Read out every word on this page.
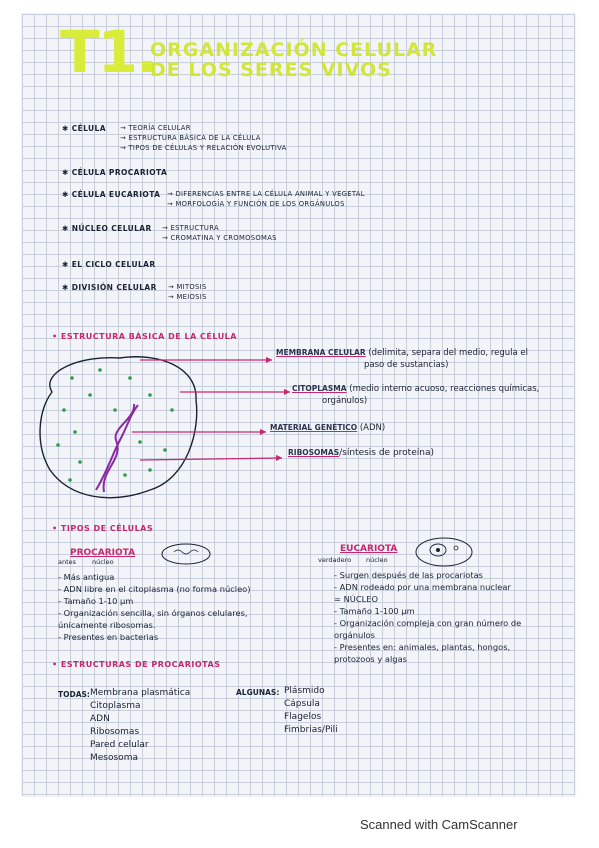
T1.
ORGANIZACIÓN CELULAR
DE LOS SERES VIVOS
✱ CÉLULA → TEORÍA CELULAR
→ ESTRUCTURA BÁSICA DE LA CÉLULA
→ TIPOS DE CÉLULAS Y RELACIÓN EVOLUTIVA
✱ CÉLULA PROCARIOTA
✱ CÉLULA EUCARIOTA → DIFERENCIAS ENTRE LA CÉLULA ANIMAL Y VEGETAL
→ MORFOLOGÍA Y FUNCIÓN DE LOS ORGÁNULOS
✱ NÚCLEO CELULAR → ESTRUCTURA
→ CROMATINA Y CROMOSOMAS
✱ EL CICLO CELULAR
✱ DIVISIÓN CELULAR → MITOSIS
→ MEIOSIS
• ESTRUCTURA BÁSICA DE LA CÉLULA
▶
▶
▶
▶
MEMBRANA CELULAR (delimita, separa del medio, regula el
paso de sustancias)
CITOPLASMA (medio interno acuoso, reacciones químicas,
orgánulos)
MATERIAL GENÉTICO (ADN)
RIBOSOMAS/síntesis de proteína)
• TIPOS DE CÉLULAS
PROCARIOTA
antes núcleo
- Más antigua
- ADN libre en el citoplasma (no forma núcleo)
- Tamaño 1-10 µm
- Organización sencilla, sin órganos celulares,
únicamente ribosomas.
- Presentes en bacterias
EUCARIOTA
verdadero núcleo
- Surgen después de las procariotas
- ADN rodeado por una membrana nuclear
= NÚCLEO
- Tamaño 1-100 µm
- Organización compleja con gran número de
orgánulos
- Presentes en: animales, plantas, hongos,
protozoos y algas
• ESTRUCTURAS DE PROCARIOTAS
TODAS: Membrana plasmática
Citoplasma
ADN
Ribosomas
Pared celular
Mesosoma
ALGUNAS: Plásmido
Cápsula
Flagelos
Fimbrias/Pili
Scanned with CamScanner
